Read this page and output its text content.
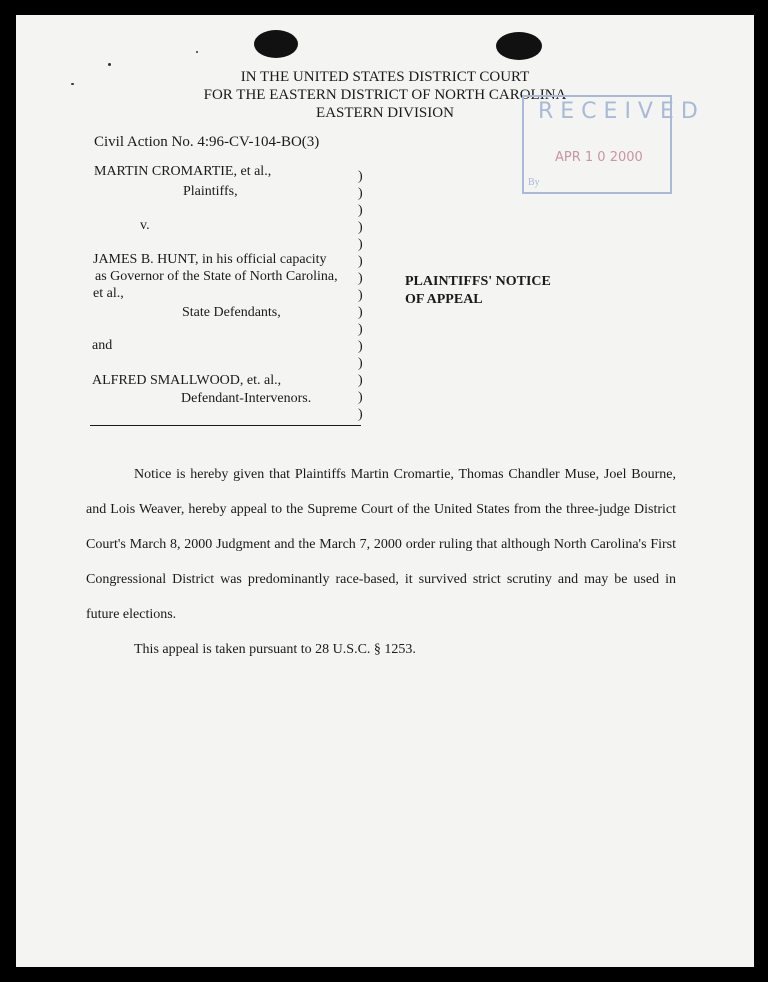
IN THE UNITED STATES DISTRICT COURT
FOR THE EASTERN DISTRICT OF NORTH CAROLINA
EASTERN DIVISION	RECEIVED
APR 1 0 2000
By
Civil Action No. 4:96-CV-104-BO(3)
MARTIN CROMARTIE, et al.,
Plaintiffs,
v.
JAMES B. HUNT, in his official capacity
as Governor of the State of North Carolina,
et al.,
State Defendants,
and
ALFRED SMALLWOOD, et. al.,
Defendant-Intervenors.
)
)
)
)
)
)
)
)
)
)
)
)
)
)
)
PLAINTIFFS' NOTICE
OF APPEAL

Notice is hereby given that Plaintiffs Martin Cromartie, Thomas Chandler Muse, Joel Bourne, and Lois Weaver, hereby appeal to the Supreme Court of the United States from the three-judge District Court's March 8, 2000 Judgment and the March 7, 2000 order ruling that although North Carolina's First Congressional District was predominantly race-based, it survived strict scrutiny and may be used in future elections.

This appeal is taken pursuant to 28 U.S.C. § 1253.
